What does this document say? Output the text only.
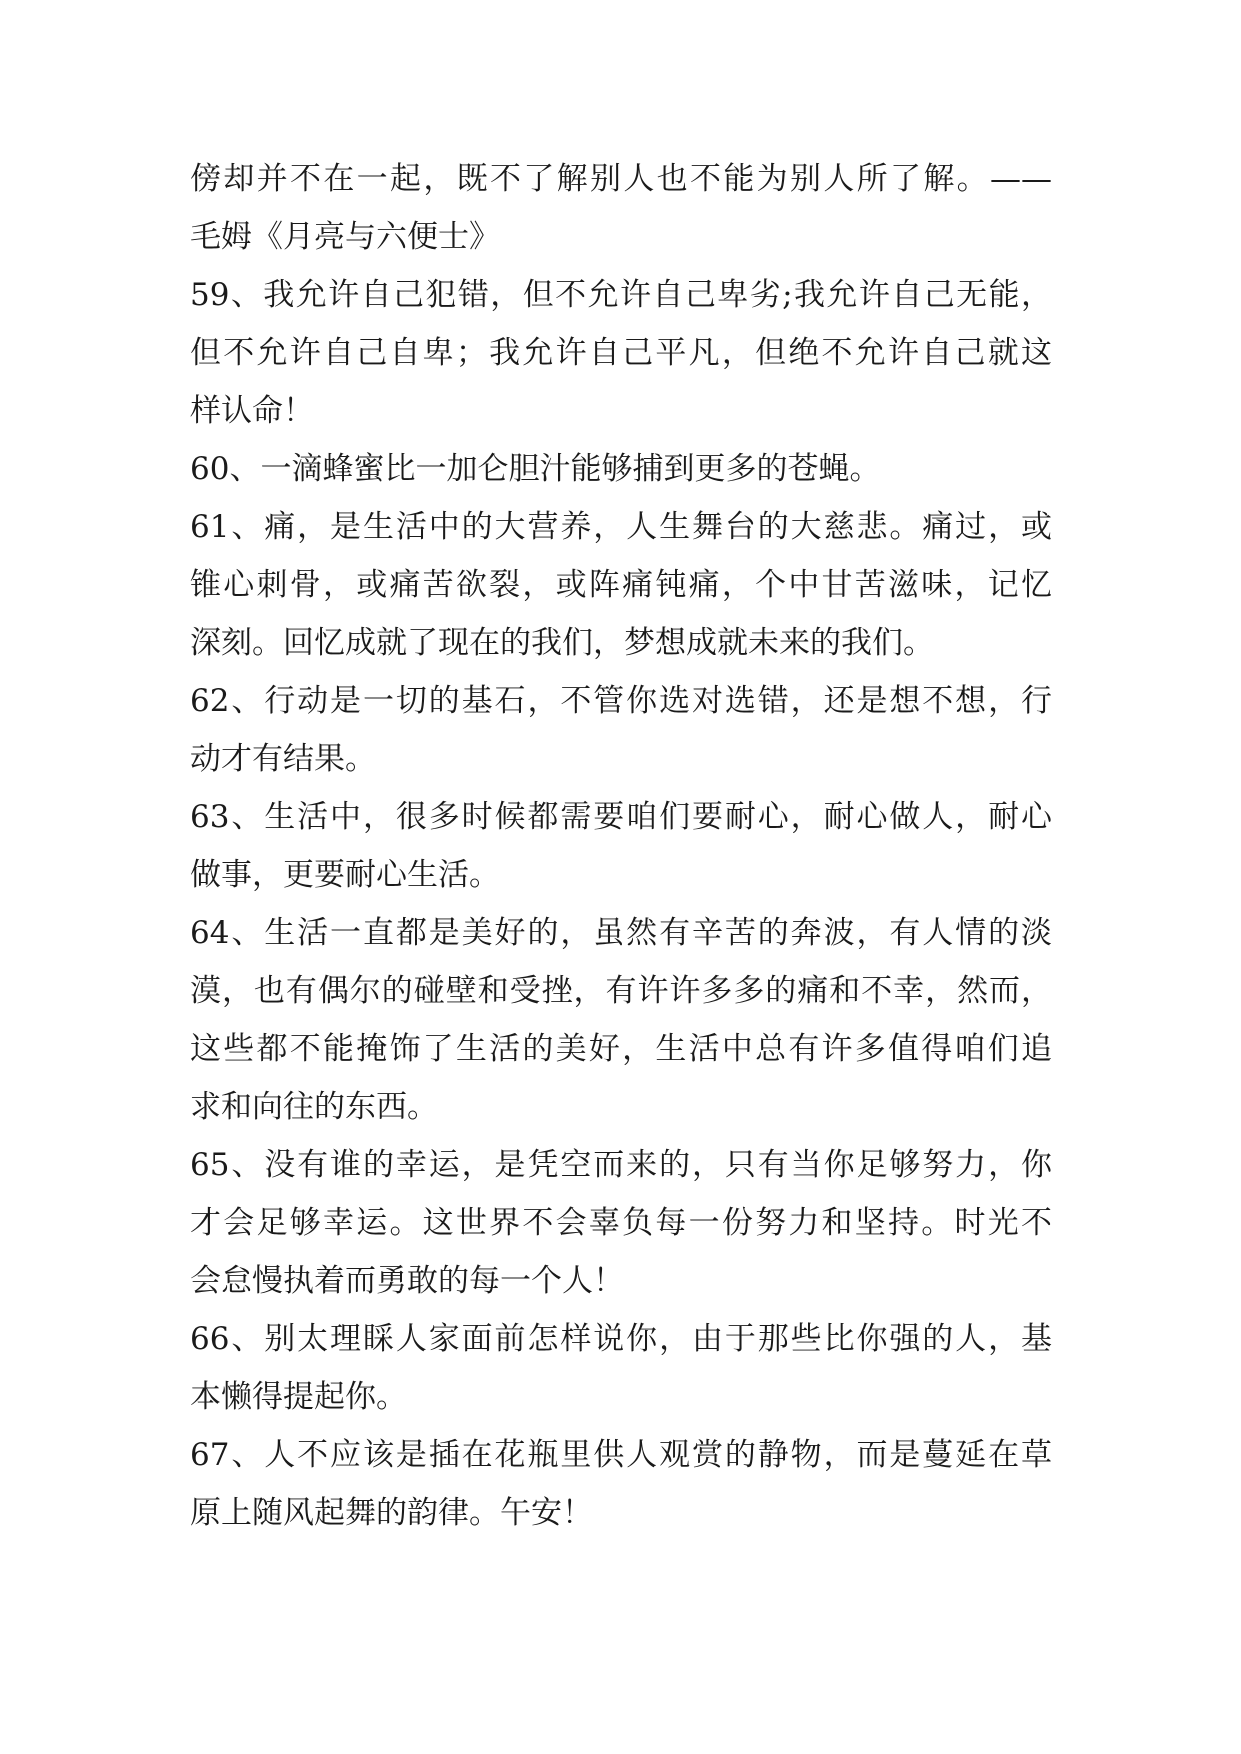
傍却并不在一起，既不了解别人也不能为别人所了解。——
毛姆《月亮与六便士》
59、我允许自己犯错，但不允许自己卑劣;我允许自己无能，
但不允许自己自卑；我允许自己平凡，但绝不允许自己就这
样认命！
60、一滴蜂蜜比一加仑胆汁能够捕到更多的苍蝇。
61、痛，是生活中的大营养，人生舞台的大慈悲。痛过，或
锥心刺骨，或痛苦欲裂，或阵痛钝痛，个中甘苦滋味，记忆
深刻。回忆成就了现在的我们，梦想成就未来的我们。
62、行动是一切的基石，不管你选对选错，还是想不想，行
动才有结果。
63、生活中，很多时候都需要咱们要耐心，耐心做人，耐心
做事，更要耐心生活。
64、生活一直都是美好的，虽然有辛苦的奔波，有人情的淡
漠，也有偶尔的碰壁和受挫，有许许多多的痛和不幸，然而，
这些都不能掩饰了生活的美好，生活中总有许多值得咱们追
求和向往的东西。
65、没有谁的幸运，是凭空而来的，只有当你足够努力，你
才会足够幸运。这世界不会辜负每一份努力和坚持。时光不
会怠慢执着而勇敢的每一个人！
66、别太理睬人家面前怎样说你，由于那些比你强的人，基
本懒得提起你。
67、人不应该是插在花瓶里供人观赏的静物，而是蔓延在草
原上随风起舞的韵律。午安！
